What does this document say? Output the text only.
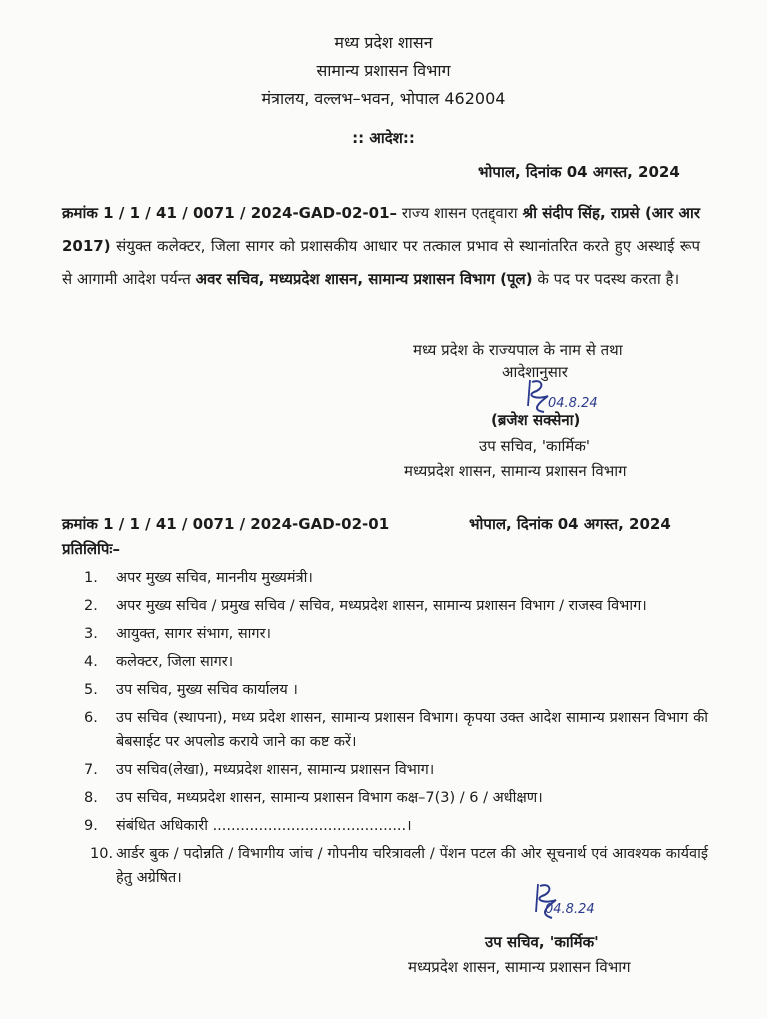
मध्य प्रदेश शासन
सामान्य प्रशासन विभाग
मंत्रालय, वल्लभ–भवन, भोपाल 462004
:: आदेश::
भोपाल, दिनांक 04 अगस्त, 2024
क्रमांक 1 / 1 / 41 / 0071 / 2024-GAD-02-01– राज्य शासन एतद्द्वारा श्री संदीप सिंह, राप्रसे (आर आर 2017) संयुक्त कलेक्टर, जिला सागर को प्रशासकीय आधार पर तत्काल प्रभाव से स्थानांतरित करते हुए अस्थाई रूप से आगामी आदेश पर्यन्त अवर सचिव, मध्यप्रदेश शासन, सामान्य प्रशासन विभाग (पूल) के पद पर पदस्थ करता है।
मध्य प्रदेश के राज्यपाल के नाम से तथा
आदेशानुसार
04.8.24
(ब्रजेश सक्सेना)
उप सचिव, 'कार्मिक'
मध्यप्रदेश शासन, सामान्य प्रशासन विभाग
क्रमांक 1 / 1 / 41 / 0071 / 2024-GAD-02-01	भोपाल, दिनांक 04 अगस्त, 2024
प्रतिलिपिः–
1. अपर मुख्य सचिव, माननीय मुख्यमंत्री।
2. अपर मुख्य सचिव / प्रमुख सचिव / सचिव, मध्यप्रदेश शासन, सामान्य प्रशासन विभाग / राजस्व विभाग।
3. आयुक्त, सागर संभाग, सागर।
4. कलेक्टर, जिला सागर।
5. उप सचिव, मुख्य सचिव कार्यालय ।
6. उप सचिव (स्थापना), मध्य प्रदेश शासन, सामान्य प्रशासन विभाग। कृपया उक्त आदेश सामान्य प्रशासन विभाग की बेबसाईट पर अपलोड कराये जाने का कष्ट करें।
7. उप सचिव(लेखा), मध्यप्रदेश शासन, सामान्य प्रशासन विभाग।
8. उप सचिव, मध्यप्रदेश शासन, सामान्य प्रशासन विभाग कक्ष–7(3) / 6 / अधीक्षण।
9. संबंधित अधिकारी ..........................................।
10. आर्डर बुक / पदोन्नति / विभागीय जांच / गोपनीय चरित्रावली / पेंशन पटल की ओर सूचनार्थ एवं आवश्यक कार्यवाई हेतु अग्रेषित।
04.8.24
उप सचिव, 'कार्मिक'
मध्यप्रदेश शासन, सामान्य प्रशासन विभाग
